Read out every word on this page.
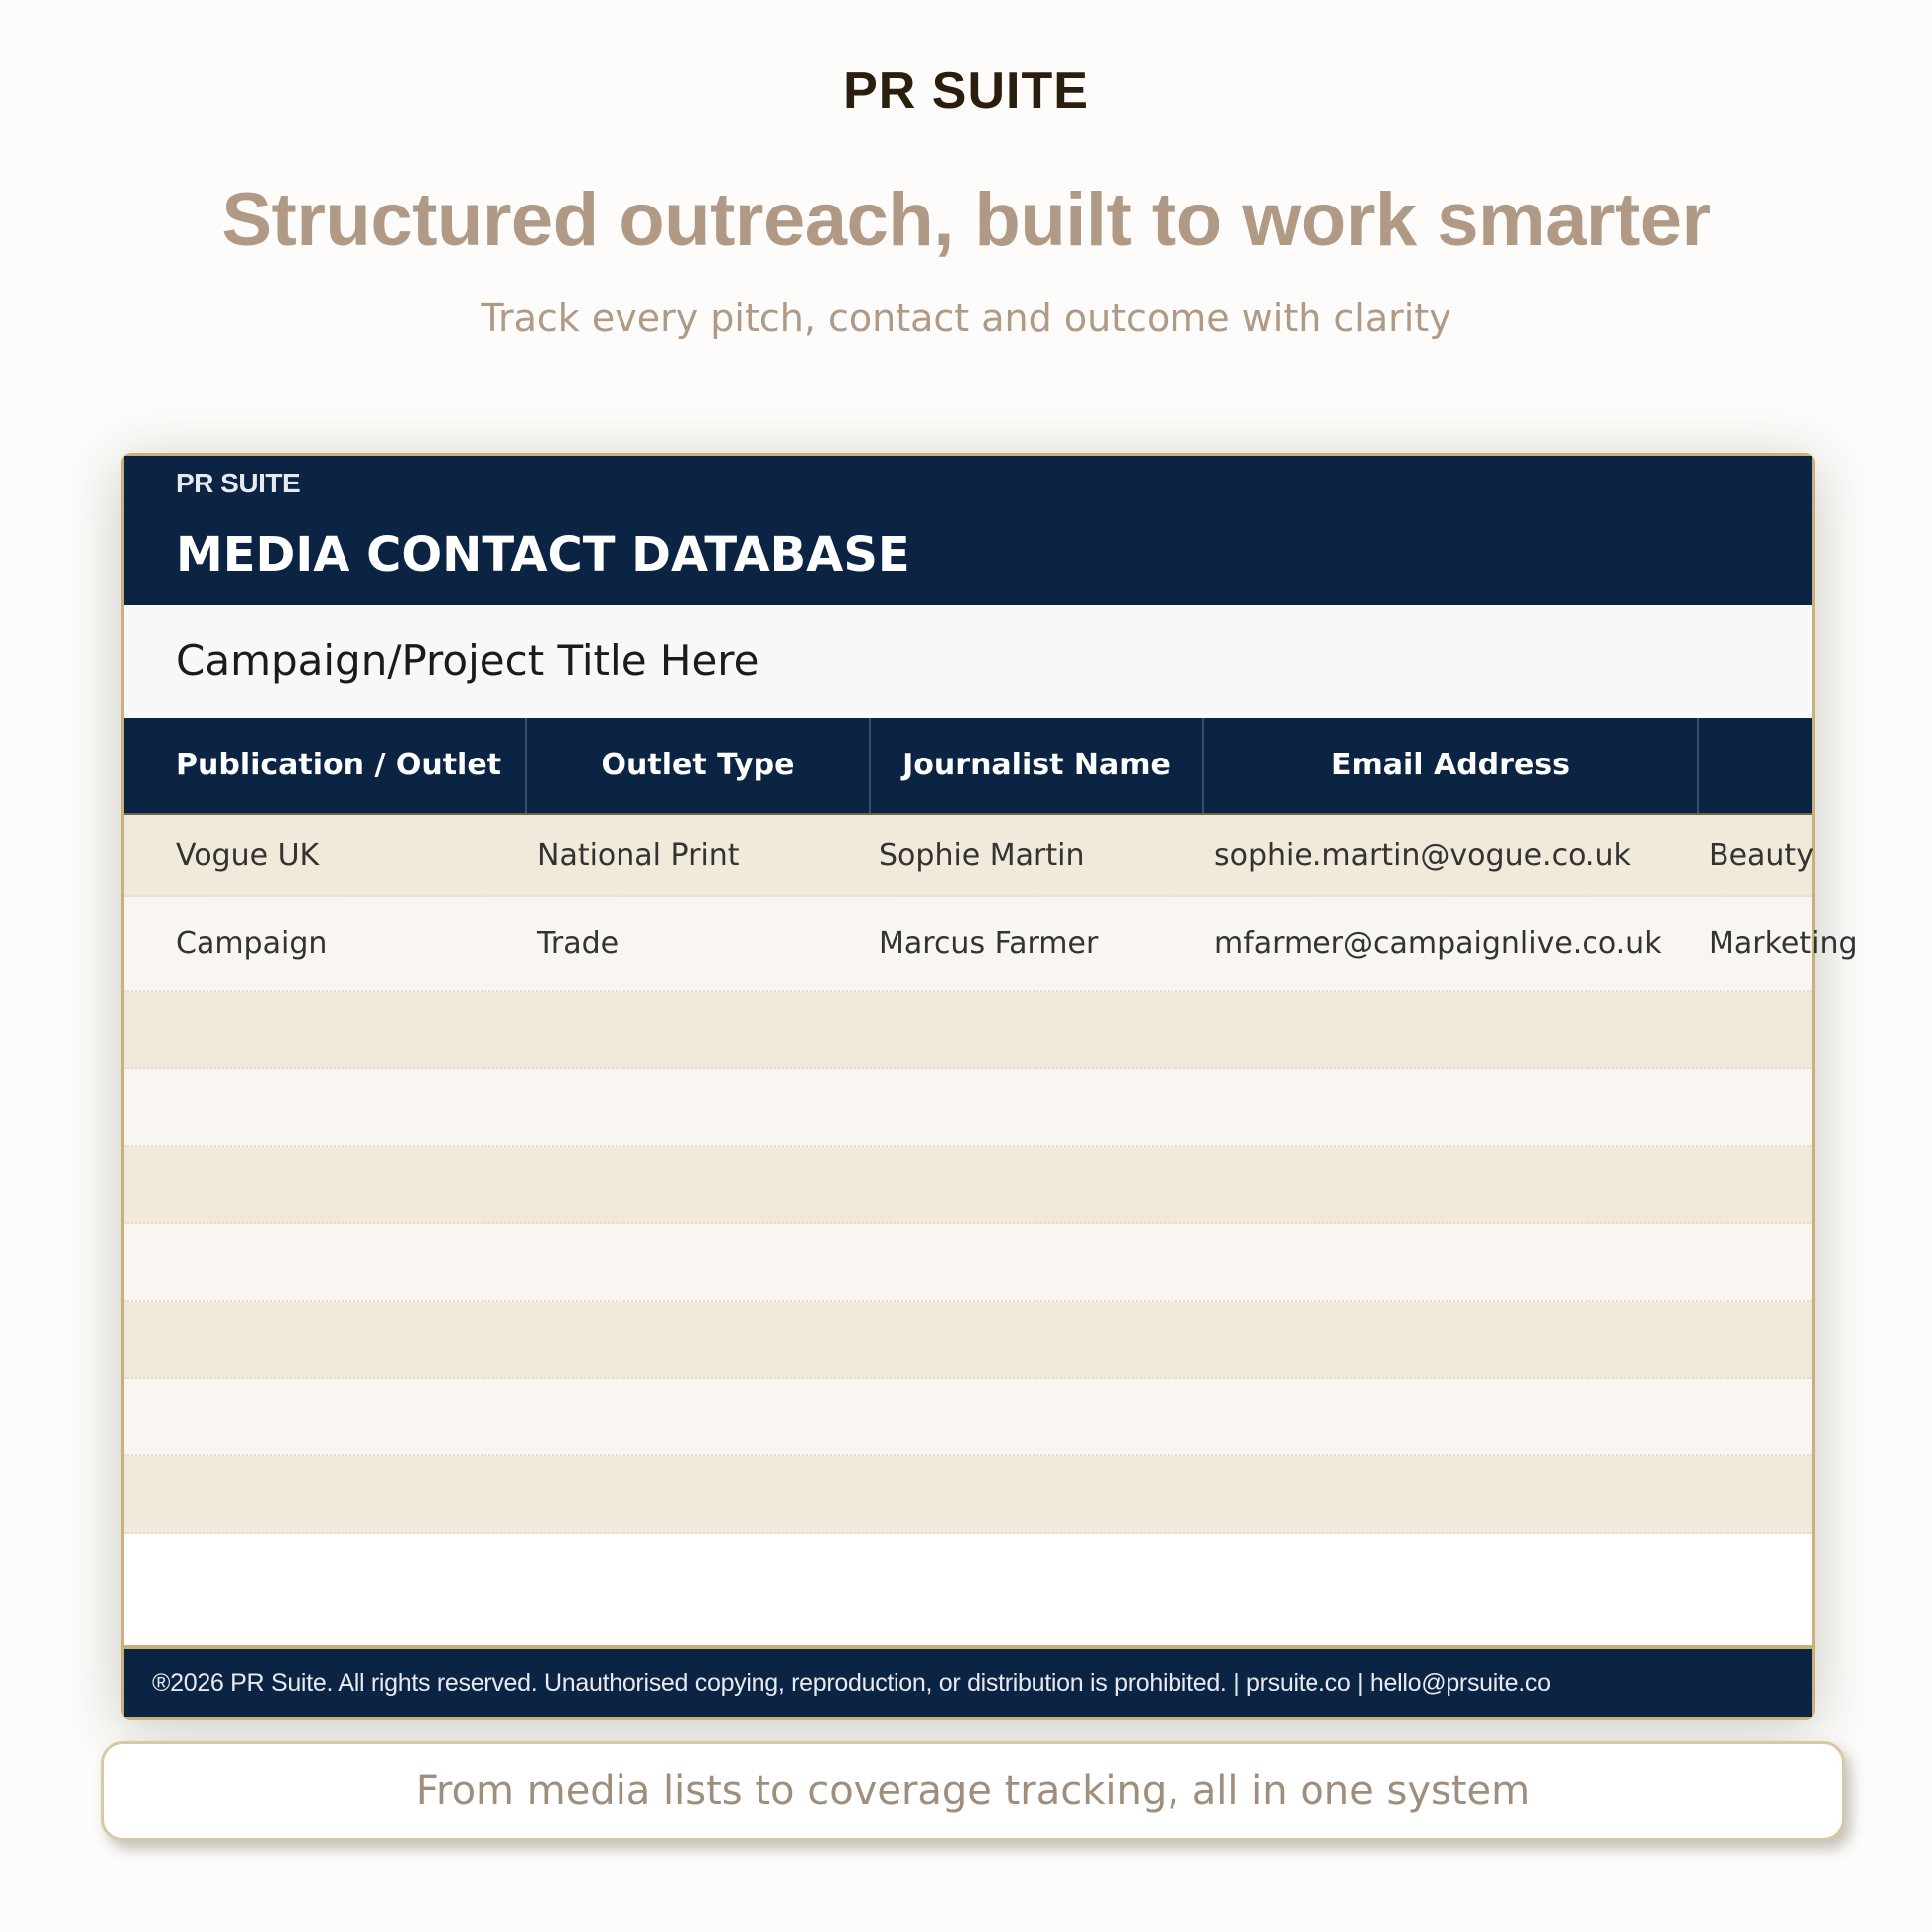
PR SUITE
Structured outreach, built to work smarter
Track every pitch, contact and outcome with clarity
PR SUITE
MEDIA CONTACT DATABASE
Campaign/Project Title Here
Publication / Outlet	Outlet Type	Journalist Name	Email Address
Vogue UK	National Print	Sophie Martin	sophie.martin@vogue.co.uk	Beauty
Campaign	Trade	Marcus Farmer	mfarmer@campaignlive.co.uk	Marketing
®2026 PR Suite. All rights reserved. Unauthorised copying, reproduction, or distribution is prohibited. | prsuite.co | hello@prsuite.co
From media lists to coverage tracking, all in one system
